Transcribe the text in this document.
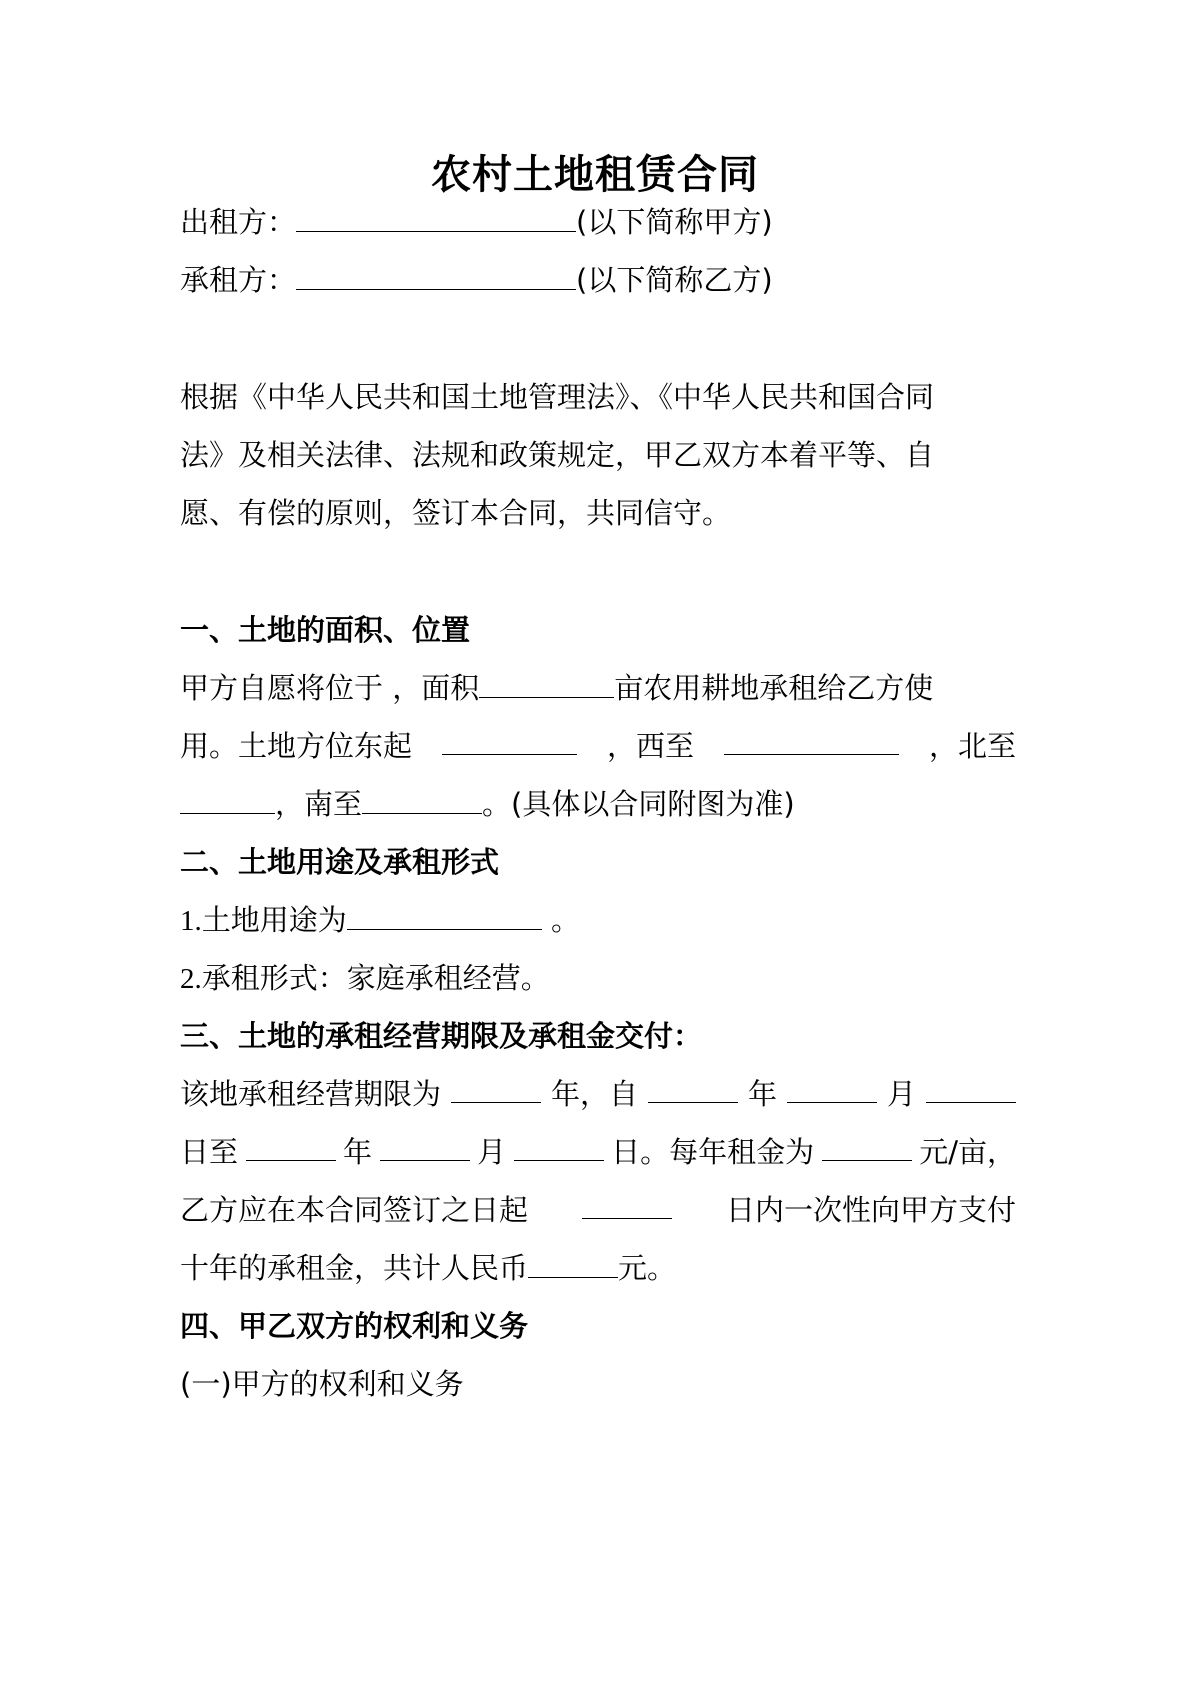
农村土地租赁合同
出租方：	(以下简称甲方)
承租方：	(以下简称乙方)
根据《中华人民共和国土地管理法》、《中华人民共和国合同
法》及相关法律、法规和政策规定，甲乙双方本着平等、自
愿、有偿的原则，签订本合同，共同信守。
一、土地的面积、位置
甲方自愿将位于 ，面积	亩农用耕地承租给乙方使
用。土地方位东起	，西至	，北至
，南至	。(具体以合同附图为准)
二、土地用途及承租形式
1.土地用途为	。
2.承租形式：家庭承租经营。
三、土地的承租经营期限及承租金交付：
该地承租经营期限为	年，自	年	月
日至	年	月	日。每年租金为	元/亩，
乙方应在本合同签订之日起	日内一次性向甲方支付
十年的承租金，共计人民币	元。
四、甲乙双方的权利和义务
(一)甲方的权利和义务
